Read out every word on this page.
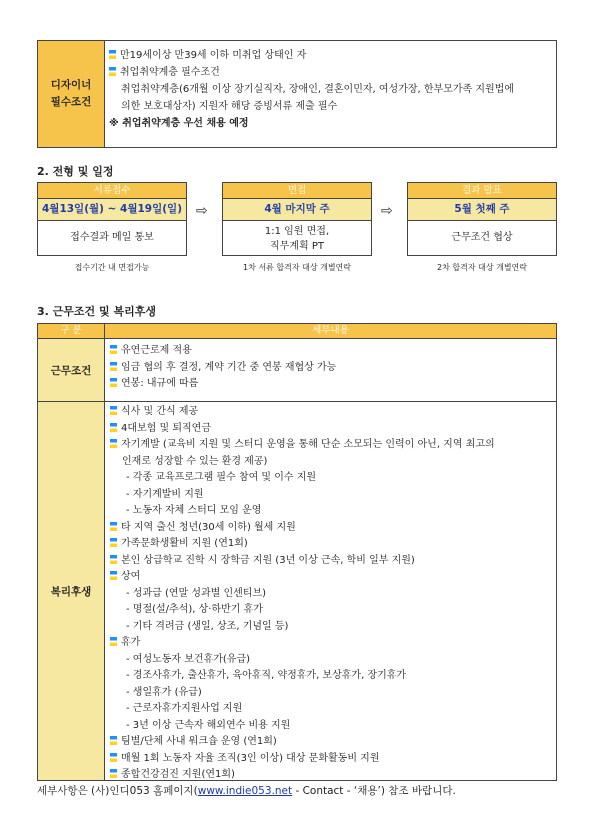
디자이너
필수조건
만19세이상 만39세 이하 미취업 상태인 자
취업취약계층 필수조건
취업취약계층(6개월 이상 장기실직자, 장애인, 결혼이민자, 여성가장, 한부모가족 지원법에
의한 보호대상자) 지원자 해당 증빙서류 제출 필수
※ 취업취약계층 우선 채용 예정
2. 전형 및 일정
서류접수
4월13일(월) ~ 4월19일(일)
접수결과 메일 통보
접수기간 내 면접가능
⇨
면접
4월 마지막 주
1:1 임원 면접,
직무계획 PT
1차 서류 합격자 대상 개별연락
⇨
결과 발표
5월 첫째 주
근무조건 협상
2차 합격자 대상 개별연락
3. 근무조건 및 복리후생
구 분	세부내용
근무조건
유연근로제 적용
임금 협의 후 결정, 계약 기간 중 연봉 재협상 가능
연봉: 내규에 따름
복리후생
식사 및 간식 제공
4대보험 및 퇴직연금
자기계발 (교육비 지원 및 스터디 운영을 통해 단순 소모되는 인력이 아닌, 지역 최고의
인재로 성장할 수 있는 환경 제공)
- 각종 교육프로그램 필수 참여 및 이수 지원
- 자기계발비 지원
- 노동자 자체 스터디 모임 운영
타 지역 출신 청년(30세 이하) 월세 지원
가족문화생활비 지원 (연1회)
본인 상급학교 진학 시 장학금 지원 (3년 이상 근속, 학비 일부 지원)
상여
- 성과급 (연말 성과별 인센티브)
- 명절(설/추석), 상·하반기 휴가
- 기타 격려금 (생일, 상조, 기념일 등)
휴가
- 여성노동자 보건휴가(유급)
- 경조사휴가, 출산휴가, 육아휴직, 약정휴가, 보상휴가, 장기휴가
- 생일휴가 (유급)
- 근로자휴가지원사업 지원
- 3년 이상 근속자 해외연수 비용 지원
팀별/단체 사내 워크숍 운영 (연1회)
매월 1회 노동자 자율 조직(3인 이상) 대상 문화활동비 지원
종합건강검진 지원(연1회)
세부사항은 (사)인디053 홈페이지(www.indie053.net - Contact - ‘채용’) 참조 바랍니다.
